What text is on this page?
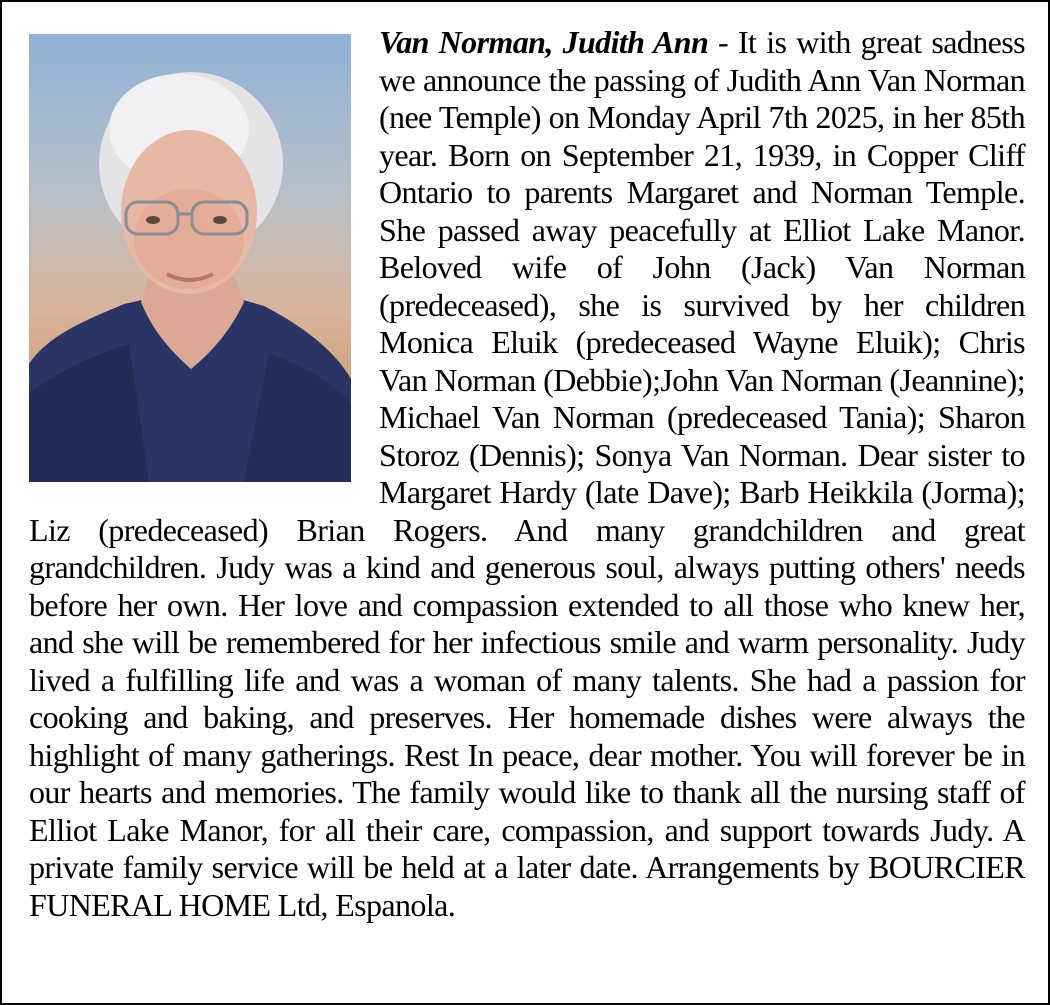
Van Norman, Judith Ann - It is with great sadness we announce the passing of Judith Ann Van Norman (nee Temple) on Monday April 7th 2025, in her 85th year. Born on September 21, 1939, in Copper Cliff Ontario to parents Margaret and Norman Temple. She passed away peacefully at Elliot Lake Manor. Beloved wife of John (Jack) Van Norman (predeceased), she is survived by her children Monica Eluik (predeceased Wayne Eluik); Chris Van Norman (Debbie);John Van Norman (Jeannine); Michael Van Norman (predeceased Tania); Sharon Storoz (Dennis); Sonya Van Norman. Dear sister to Margaret Hardy (late Dave); Barb Heikkila (Jorma); Liz (predeceased) Brian Rogers. And many grandchildren and great grandchildren. Judy was a kind and generous soul, always putting others' needs before her own. Her love and compassion extended to all those who knew her, and she will be remembered for her infectious smile and warm personality. Judy lived a fulfilling life and was a woman of many talents. She had a passion for cooking and baking, and preserves. Her homemade dishes were always the highlight of many gatherings. Rest In peace, dear mother. You will forever be in our hearts and memories. The family would like to thank all the nursing staff of Elliot Lake Manor, for all their care, compassion, and support towards Judy. A private family service will be held at a later date. Arrangements by BOURCIER FUNERAL HOME Ltd, Espanola.
